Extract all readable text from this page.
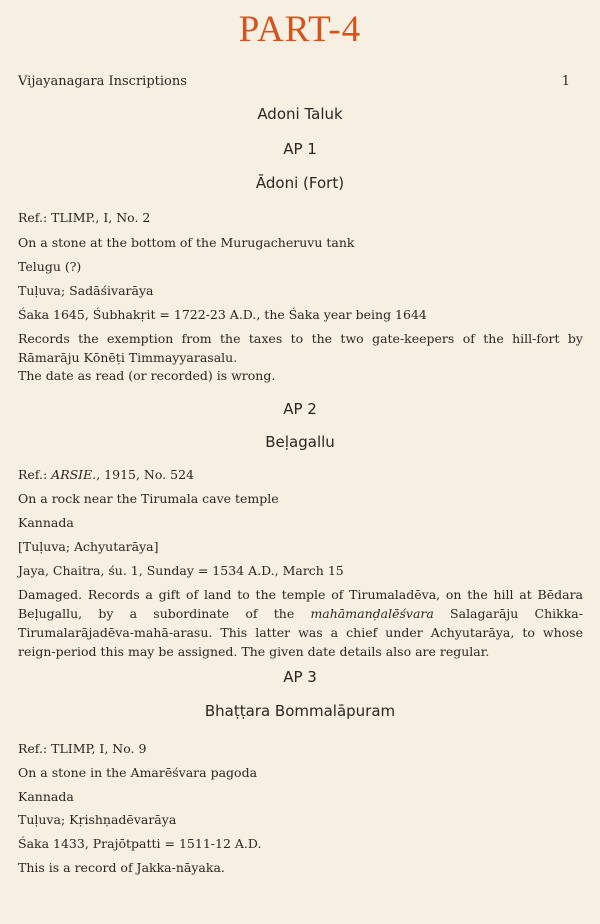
PART-4
Vijayanagara Inscriptions	1
Adoni Taluk
AP 1
Ādoni (Fort)
Ref.: TLIMP., I, No. 2
On a stone at the bottom of the Murugacheruvu tank
Telugu (?)
Tuḷuva; Sadāśivarāya
Śaka 1645, Śubhakṛit = 1722-23 A.D., the Śaka year being 1644
Records the exemption from the taxes to the two gate-keepers of the hill-fort by Rāmarāju Kōnēṭi Timmayyarasalu.
The date as read (or recorded) is wrong.
AP 2
Beḷagallu
Ref.: ARSIE., 1915, No. 524
On a rock near the Tirumala cave temple
Kannada
[Tuḷuva; Achyutarāya]
Jaya, Chaitra, śu. 1, Sunday = 1534 A.D., March 15
Damaged. Records a gift of land to the temple of Tirumaladēva, on the hill at Bēdara Beḷugallu, by a subordinate of the mahāmanḍalēśvara Salagarāju Chikka-Tirumalarājadēva-mahā-arasu. This latter was a chief under Achyutarāya, to whose reign-period this may be assigned. The given date details also are regular.
AP 3
Bhaṭṭara Bommalāpuram
Ref.: TLIMP, I, No. 9
On a stone in the Amarēśvara pagoda
Kannada
Tuḷuva; Kṛishṇadēvarāya
Śaka 1433, Prajōtpatti = 1511-12 A.D.
This is a record of Jakka-nāyaka.
